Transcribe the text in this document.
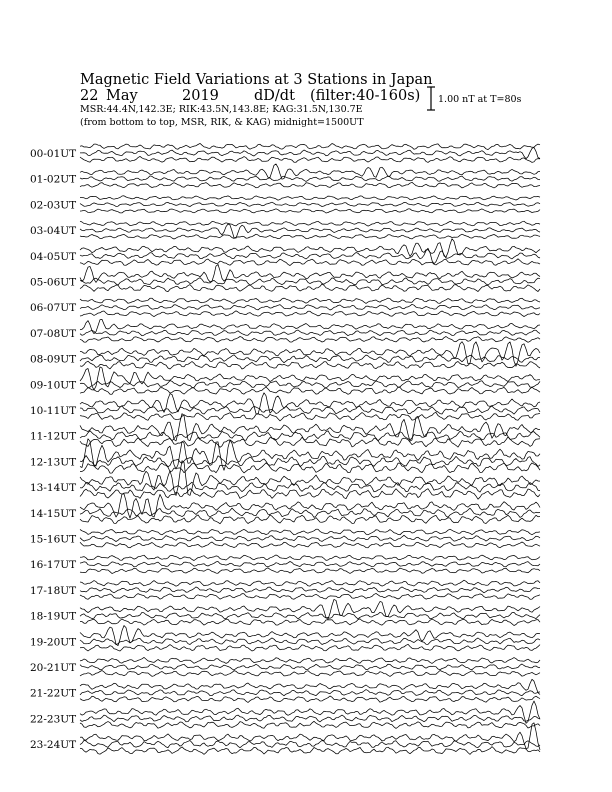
Magnetic Field Variations at 3 Stations in Japan

22 May	2019 dD/dt (filter:40-160s)

MSR:44.4N,142.3E; RIK:43.5N,143.8E; KAG:31.5N,130.7E

(from bottom to top, MSR, RIK, & KAG) midnight=1500UT

1.00 nT at T=80s

00-01UT
01-02UT
02-03UT
03-04UT
04-05UT
05-06UT
06-07UT
07-08UT
08-09UT
09-10UT
10-11UT
11-12UT
12-13UT
13-14UT
14-15UT
15-16UT
16-17UT
17-18UT
18-19UT
19-20UT
20-21UT
21-22UT
22-23UT
23-24UT
